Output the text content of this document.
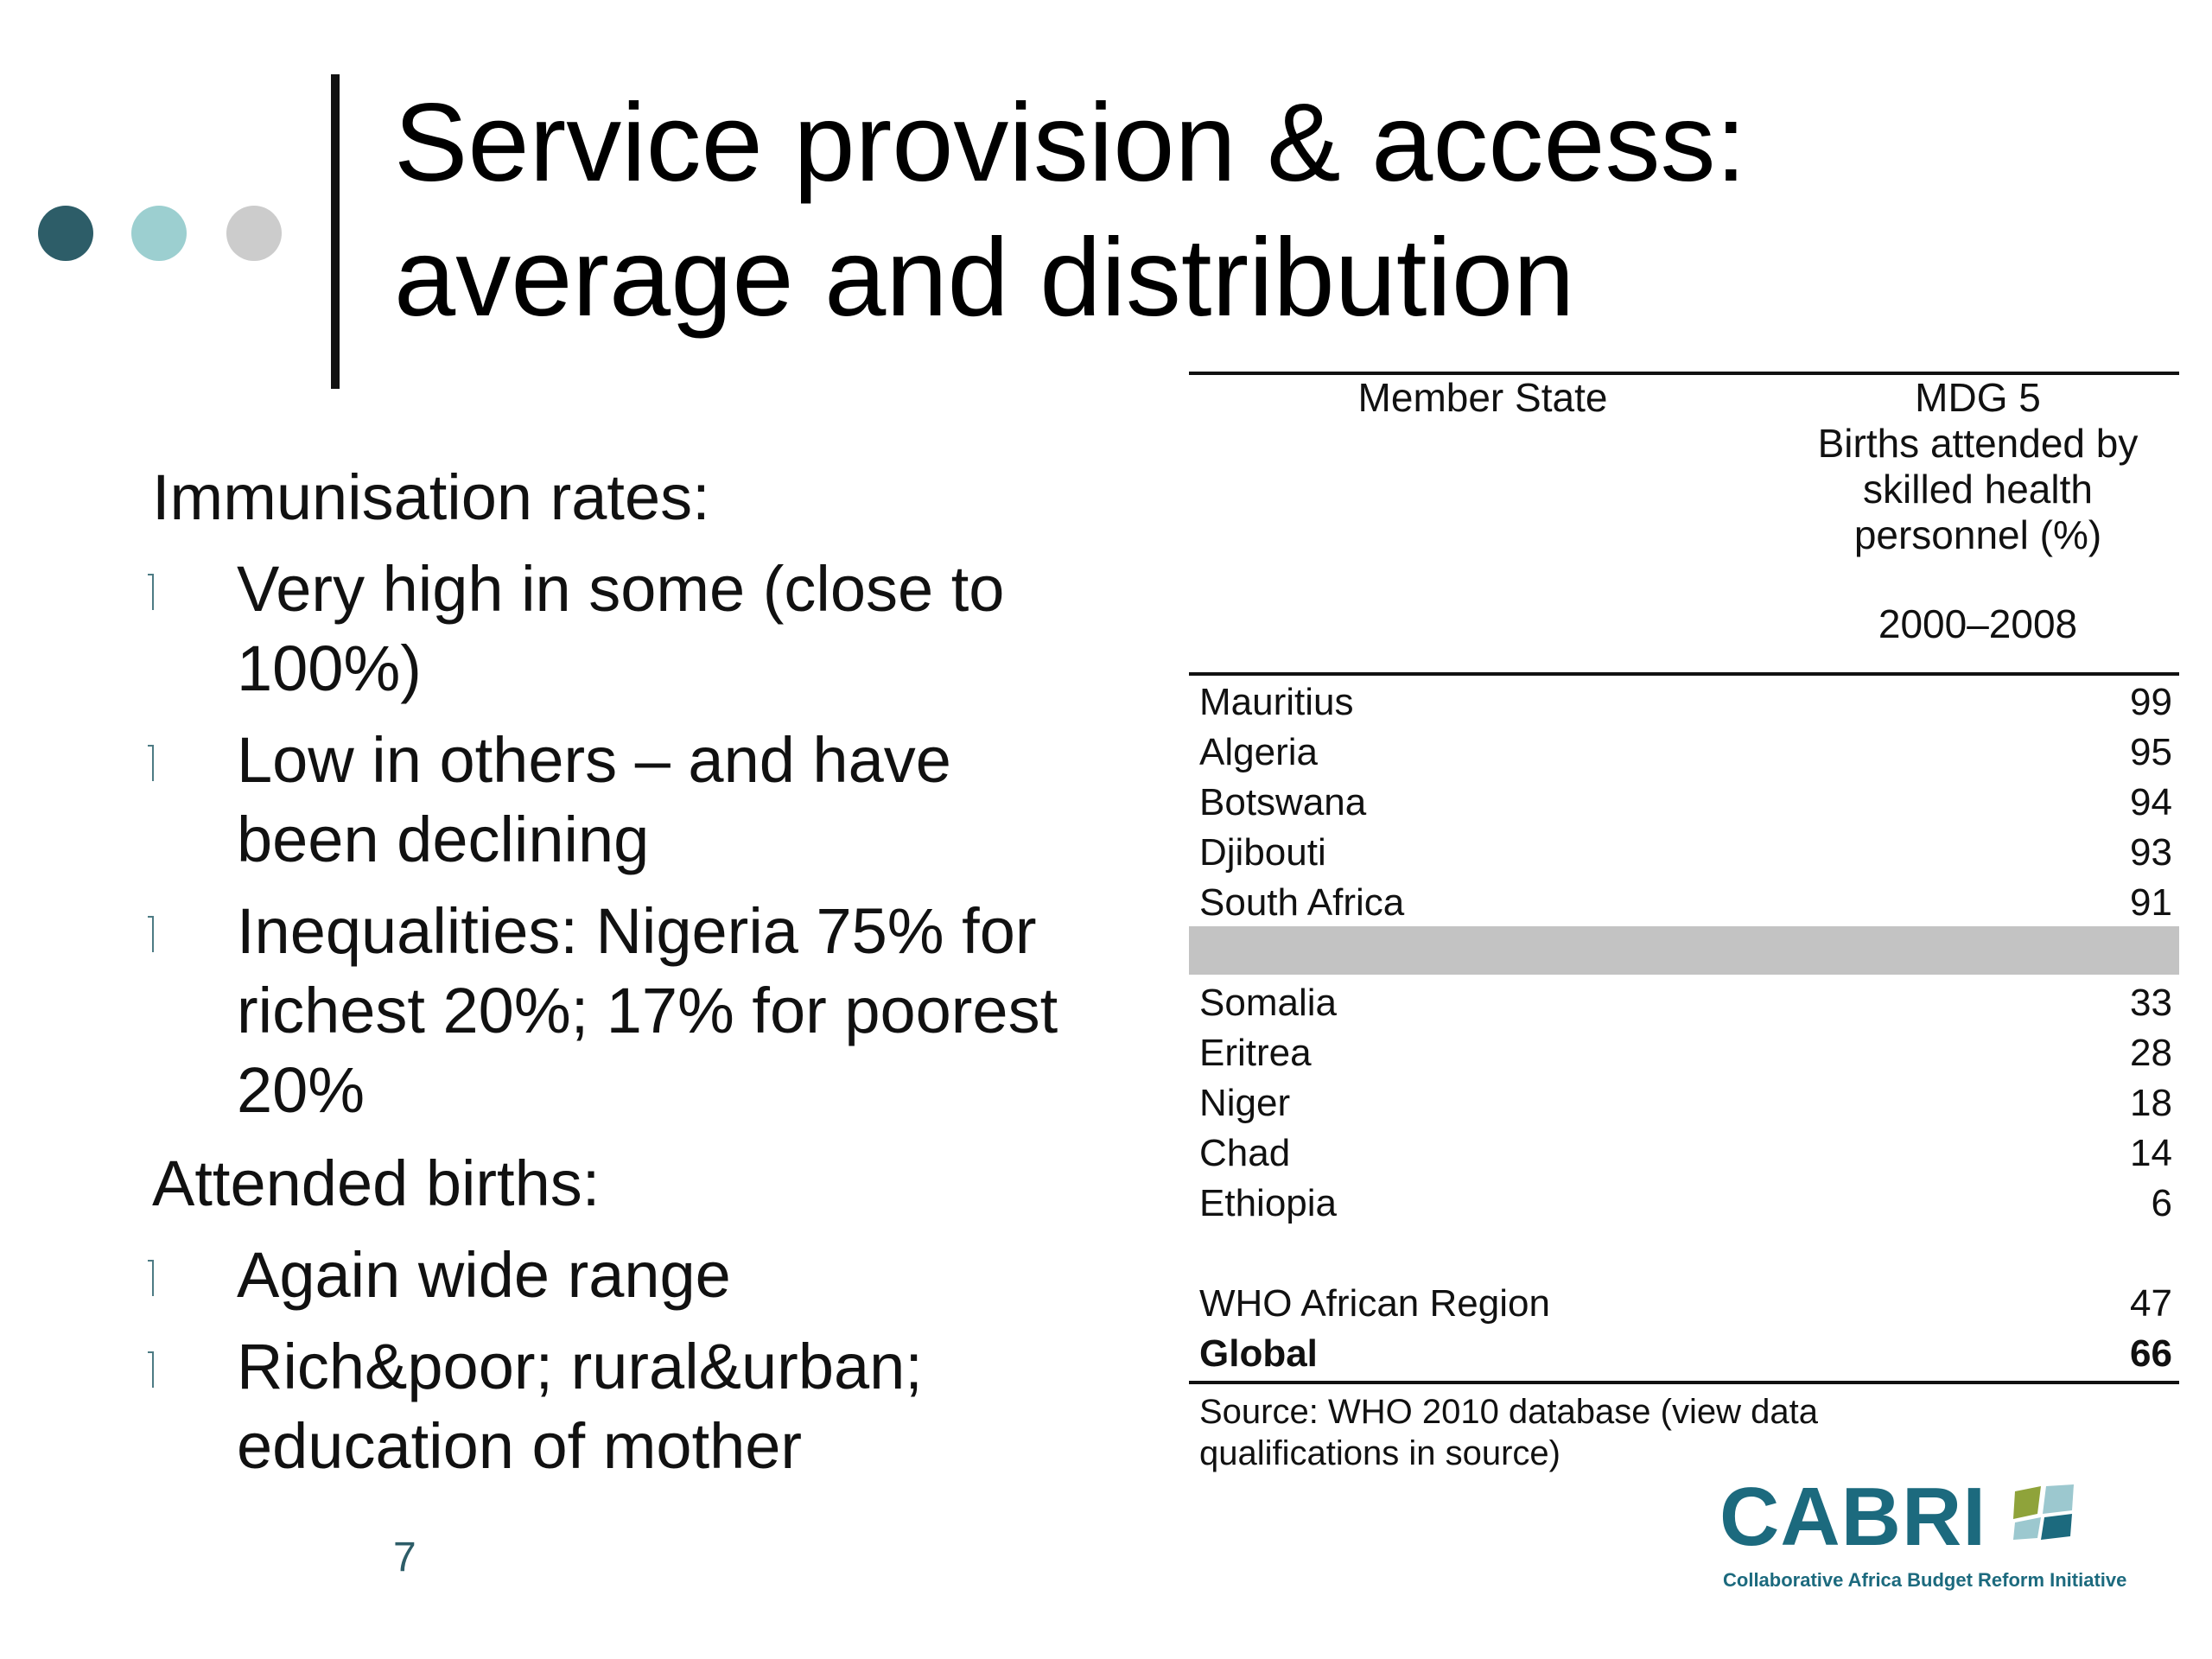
Service provision & access:
average and distribution

Immunisation rates:

Very high in some (close to 100%)
Low in others – and have been declining
Inequalities: Nigeria 75% for richest 20%; 17% for poorest 20%

Attended births:

Again wide range
Rich&poor; rural&urban; education of mother
7
Member State	MDG 5
Births attended by
skilled health
personnel (%)
2000–2008
Mauritius	99
Algeria	95
Botswana	94
Djibouti	93
South Africa	91
Somalia	33
Eritrea	28
Niger	18
Chad	14
Ethiopia	6
WHO African Region	47
Global	66
Source: WHO 2010 database (view data
qualifications in source)
CABRI
Collaborative Africa Budget Reform Initiative
